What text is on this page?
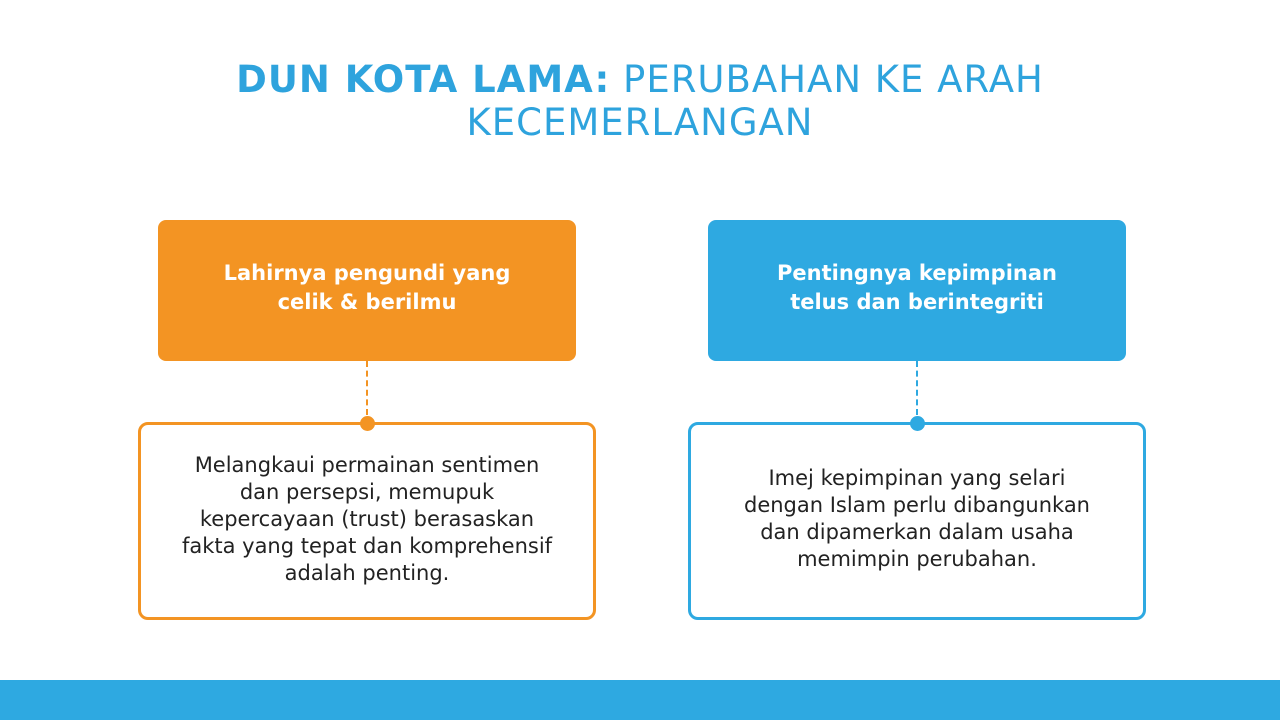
DUN KOTA LAMA: PERUBAHAN KE ARAH KECEMERLANGAN
Lahirnya pengundi yang celik & berilmu
Melangkaui permainan sentimen dan persepsi, memupuk kepercayaan (trust) berasaskan fakta yang tepat dan komprehensif adalah penting.
Pentingnya kepimpinan telus dan berintegriti
Imej kepimpinan yang selari dengan Islam perlu dibangunkan dan dipamerkan dalam usaha memimpin perubahan.
